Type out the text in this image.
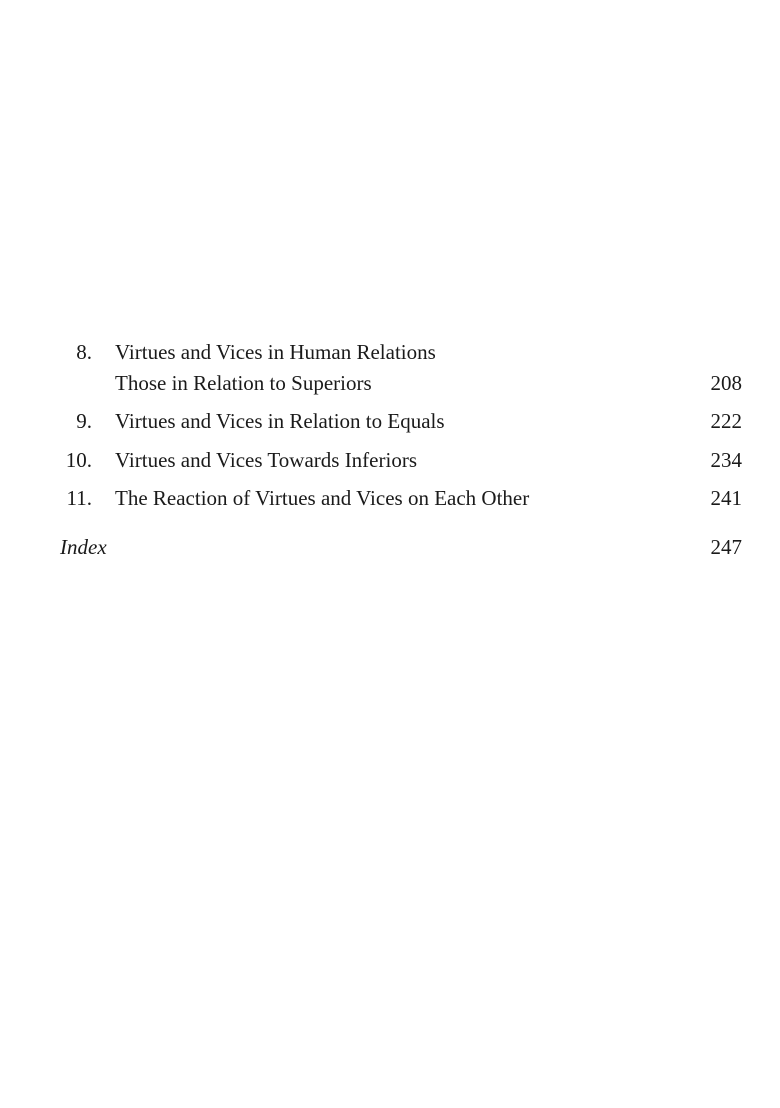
8. Virtues and Vices in Human Relations
Those in Relation to Superiors	208
9. Virtues and Vices in Relation to Equals	222
10. Virtues and Vices Towards Inferiors	234
11. The Reaction of Virtues and Vices on Each Other	241
Index	247
